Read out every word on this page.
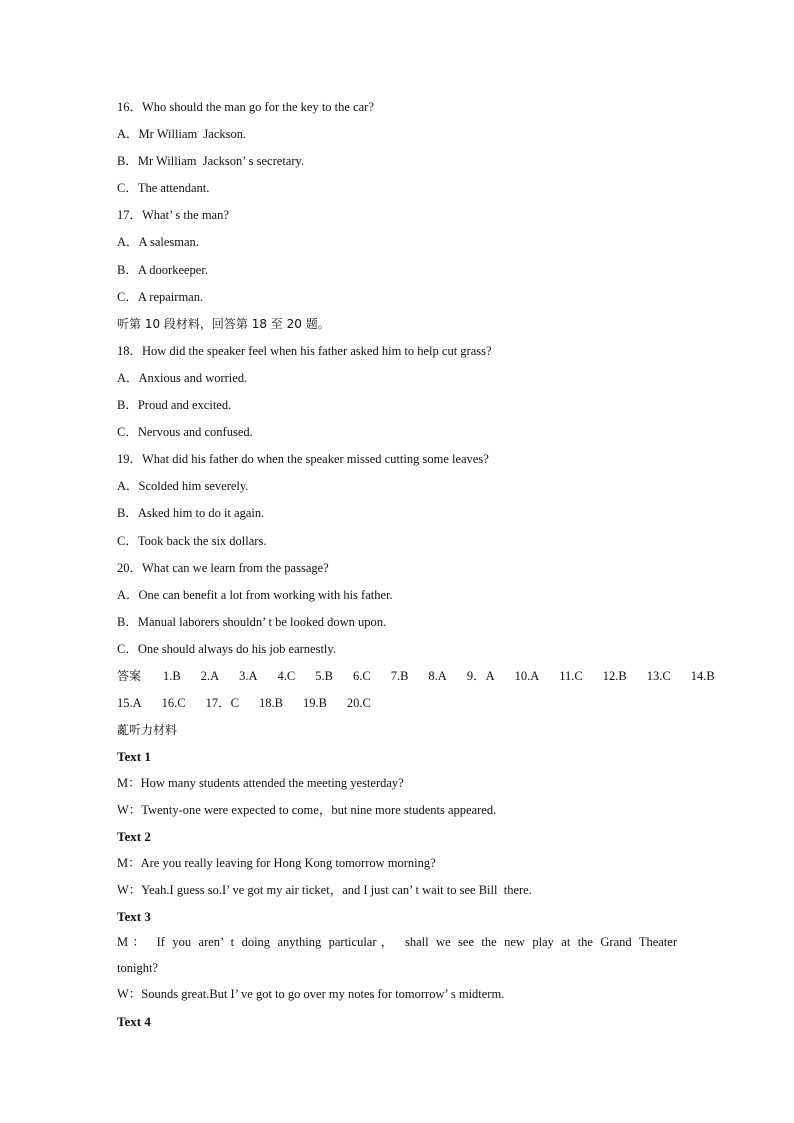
16．Who should the man go for the key to the car?
A．Mr William  Jackson.
B．Mr William  Jackson’ s secretary.
C．The attendant.
17．What’ s the man?
A．A salesman.
B．A doorkeeper.
C．A repairman.
听第 10 段材料，回答第 18 至 20 题。
18．How did the speaker feel when his father asked him to help cut grass?
A．Anxious and worried.
B．Proud and excited.
C．Nervous and confused.
19．What did his father do when the speaker missed cutting some leaves?
A．Scolded him severely.
B．Asked him to do it again.
C．Took back the six dollars.
20．What can we learn from the passage?
A．One can benefit a lot from working with his father.
B．Manual laborers shouldn’ t be looked down upon.
C．One should always do his job earnestly.
答案 1.B 2.A 3.A 4.C 5.B 6.C 7.B 8.A 9．A 10.A 11.C 12.B 13.C 14.B
15.A 16.C 17．C 18.B 19.B 20.C
薍听力材料
Text 1
M：How many students attended the meeting yesterday?
W：Twenty-one were expected to come，but nine more students appeared.
Text 2
M：Are you really leaving for Hong Kong tomorrow morning?
W：Yeah.I guess so.I’ ve got my air ticket，and I just can’ t wait to see Bill  there.
Text 3
M： If you aren’ t doing anything particular， shall we see the new play at the Grand Theater
tonight?
W：Sounds great.But I’ ve got to go over my notes for tomorrow’ s midterm.
Text 4
